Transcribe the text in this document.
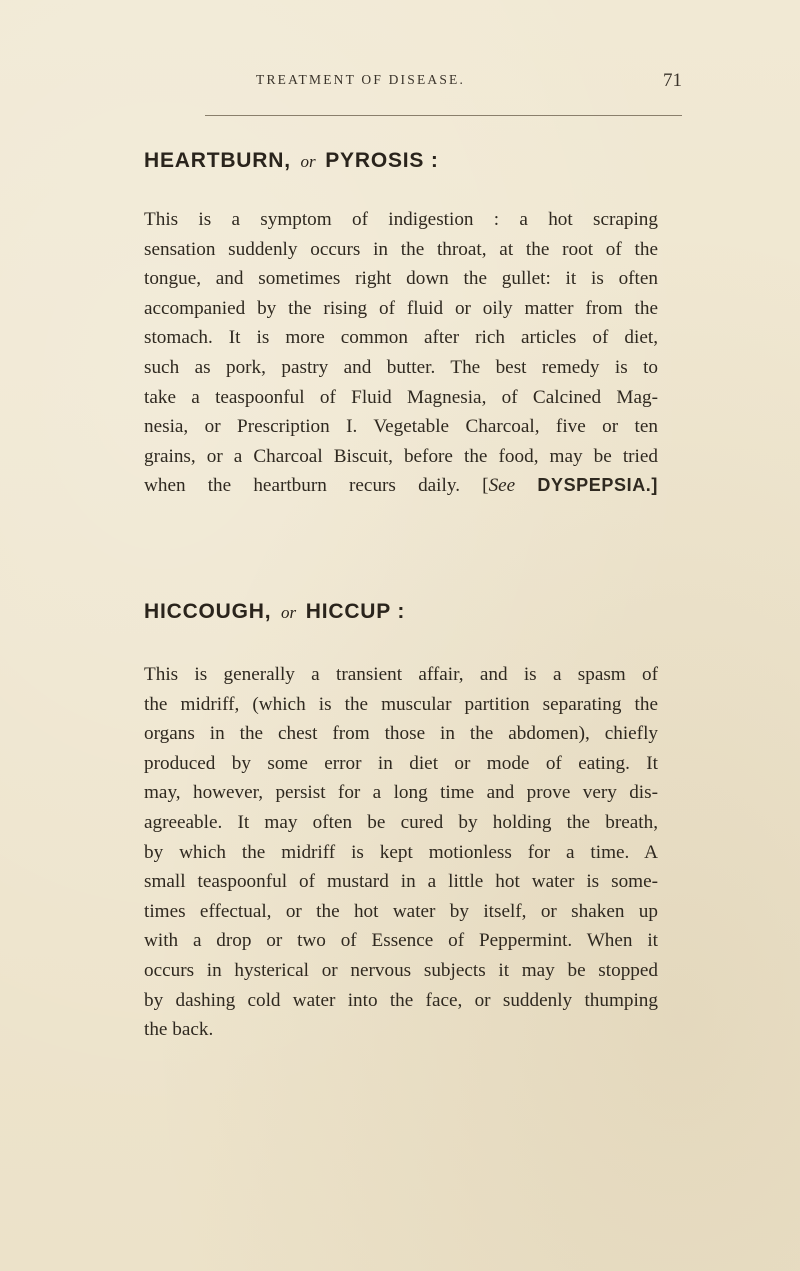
TREATMENT OF DISEASE.	71
HEARTBURN, or PYROSIS :
This is a symptom of indigestion : a hot scraping
sensation suddenly occurs in the throat, at the root of the
tongue, and sometimes right down the gullet: it is often
accompanied by the rising of fluid or oily matter from the
stomach. It is more common after rich articles of diet,
such as pork, pastry and butter. The best remedy is to
take a teaspoonful of Fluid Magnesia, of Calcined Mag-
nesia, or Prescription I. Vegetable Charcoal, five or ten
grains, or a Charcoal Biscuit, before the food, may be tried
when the heartburn recurs daily. [See DYSPEPSIA.]
HICCOUGH, or HICCUP :
This is generally a transient affair, and is a spasm of
the midriff, (which is the muscular partition separating the
organs in the chest from those in the abdomen), chiefly
produced by some error in diet or mode of eating. It
may, however, persist for a long time and prove very dis-
agreeable. It may often be cured by holding the breath,
by which the midriff is kept motionless for a time. A
small teaspoonful of mustard in a little hot water is some-
times effectual, or the hot water by itself, or shaken up
with a drop or two of Essence of Peppermint. When it
occurs in hysterical or nervous subjects it may be stopped
by dashing cold water into the face, or suddenly thumping
the back.
